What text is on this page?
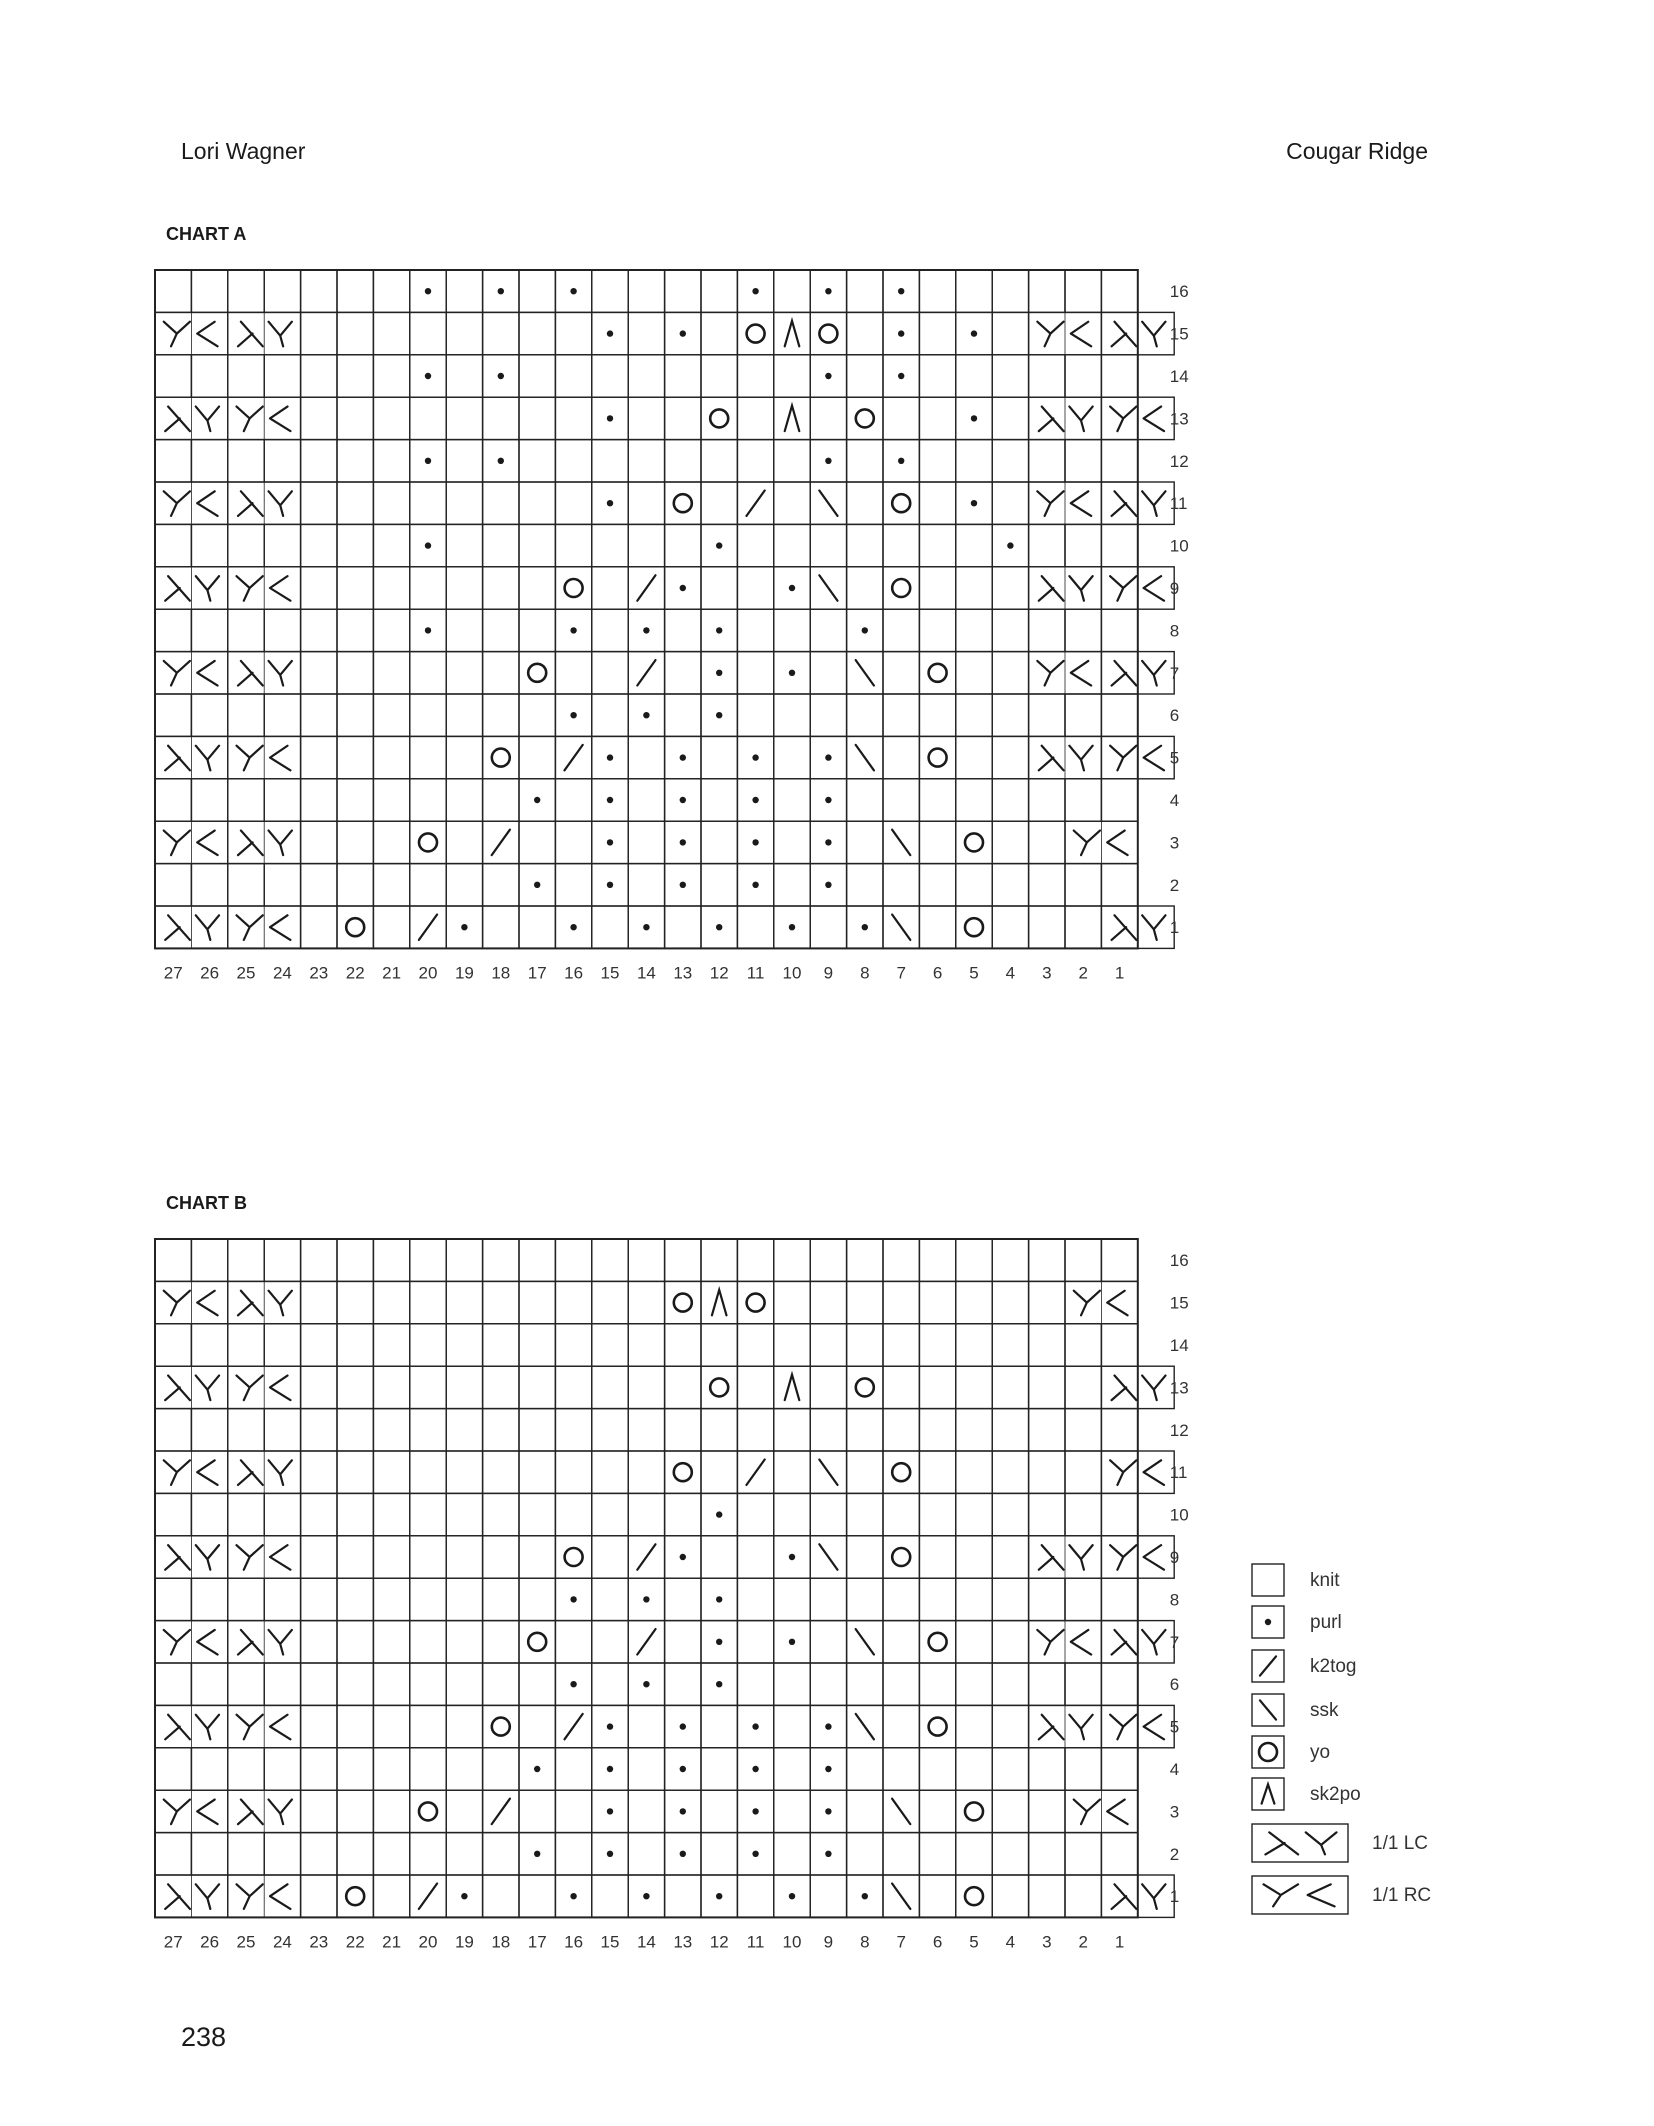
Lori Wagner	Cougar Ridge
CHART A
16
15
14
13
12
11
10
9
8
7
6
5
4
3
2
1
27 26 25 24 23 22 21 20 19 18 17 16 15 14 13 12 11 10 9 8 7 6 5 4 3 2 1
CHART B
16
15
14
13
12
11
10
9
8
7
6
5
4
3
2
1
27 26 25 24 23 22 21 20 19 18 17 16 15 14 13 12 11 10 9 8 7 6 5 4 3 2 1
knit
purl
k2tog
ssk
yo
sk2po
1/1 LC
1/1 RC
238
